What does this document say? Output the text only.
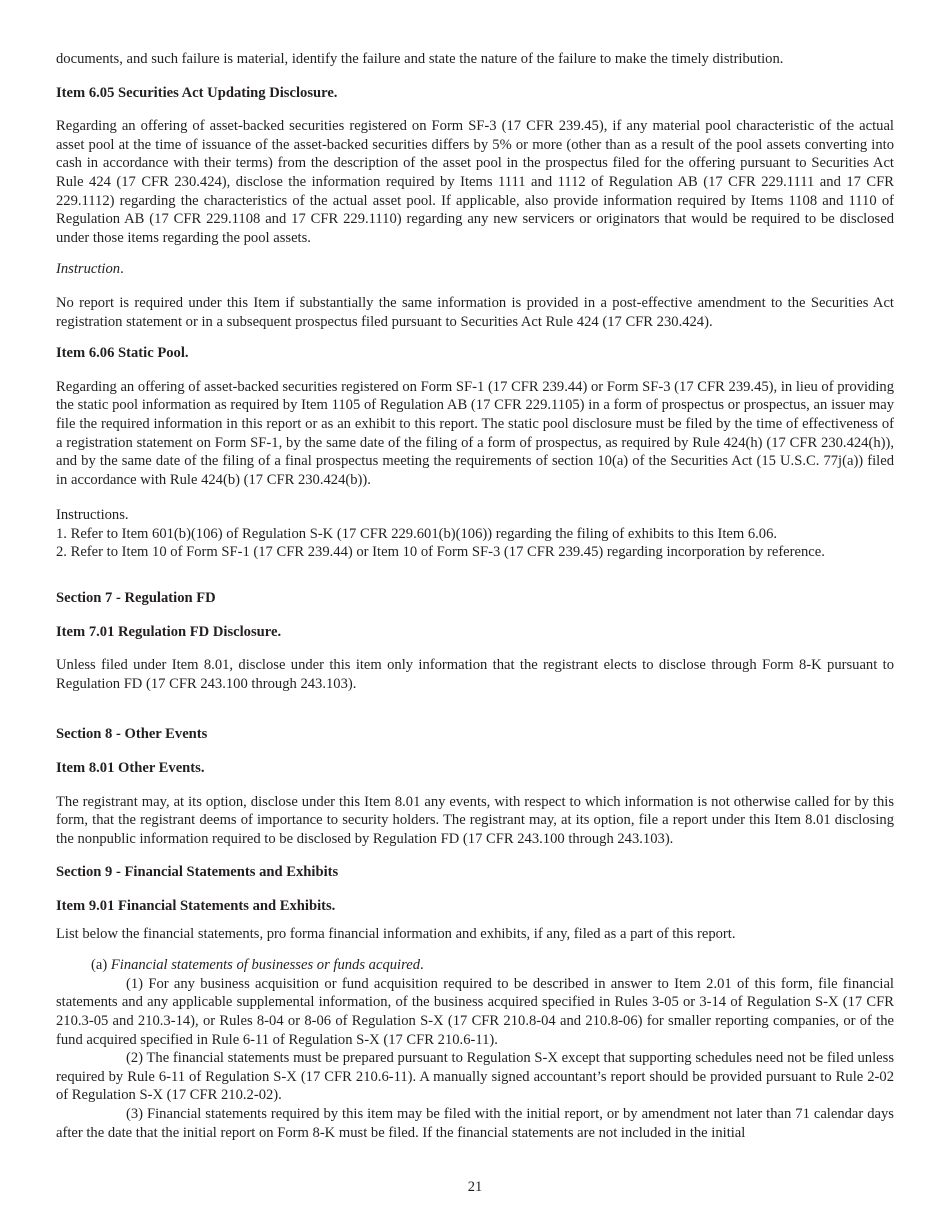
documents, and such failure is material, identify the failure and state the nature of the failure to make the timely distribution.

Item 6.05 Securities Act Updating Disclosure.

Regarding an offering of asset-backed securities registered on Form SF-3 (17 CFR 239.45), if any material pool characteristic of the actual asset pool at the time of issuance of the asset-backed securities differs by 5% or more (other than as a result of the pool assets converting into cash in accordance with their terms) from the description of the asset pool in the prospectus filed for the offering pursuant to Securities Act Rule 424 (17 CFR 230.424), disclose the information required by Items 1111 and 1112 of Regulation AB (17 CFR 229.1111 and 17 CFR 229.1112) regarding the characteristics of the actual asset pool. If applicable, also provide information required by Items 1108 and 1110 of Regulation AB (17 CFR 229.1108 and 17 CFR 229.1110) regarding any new servicers or originators that would be required to be disclosed under those items regarding the pool assets.

Instruction.

No report is required under this Item if substantially the same information is provided in a post-effective amendment to the Securities Act registration statement or in a subsequent prospectus filed pursuant to Securities Act Rule 424 (17 CFR 230.424).

Item 6.06 Static Pool.

Regarding an offering of asset-backed securities registered on Form SF-1 (17 CFR 239.44) or Form SF-3 (17 CFR 239.45), in lieu of providing the static pool information as required by Item 1105 of Regulation AB (17 CFR 229.1105) in a form of prospectus or prospectus, an issuer may file the required information in this report or as an exhibit to this report. The static pool disclosure must be filed by the time of effectiveness of a registration statement on Form SF-1, by the same date of the filing of a form of prospectus, as required by Rule 424(h) (17 CFR 230.424(h)), and by the same date of the filing of a final prospectus meeting the requirements of section 10(a) of the Securities Act (15 U.S.C. 77j(a)) filed in accordance with Rule 424(b) (17 CFR 230.424(b)).

Instructions.

1. Refer to Item 601(b)(106) of Regulation S-K (17 CFR 229.601(b)(106)) regarding the filing of exhibits to this Item 6.06.

2. Refer to Item 10 of Form SF-1 (17 CFR 239.44) or Item 10 of Form SF-3 (17 CFR 239.45) regarding incorporation by reference.

Section 7 - Regulation FD

Item 7.01 Regulation FD Disclosure.

Unless filed under Item 8.01, disclose under this item only information that the registrant elects to disclose through Form 8-K pursuant to Regulation FD (17 CFR 243.100 through 243.103).

Section 8 - Other Events

Item 8.01 Other Events.

The registrant may, at its option, disclose under this Item 8.01 any events, with respect to which information is not otherwise called for by this form, that the registrant deems of importance to security holders. The registrant may, at its option, file a report under this Item 8.01 disclosing the nonpublic information required to be disclosed by Regulation FD (17 CFR 243.100 through 243.103).

Section 9 - Financial Statements and Exhibits

Item 9.01 Financial Statements and Exhibits.

List below the financial statements, pro forma financial information and exhibits, if any, filed as a part of this report.

(a) Financial statements of businesses or funds acquired.

(1) For any business acquisition or fund acquisition required to be described in answer to Item 2.01 of this form, file financial statements and any applicable supplemental information, of the business acquired specified in Rules 3-05 or 3-14 of Regulation S-X (17 CFR 210.3-05 and 210.3-14), or Rules 8-04 or 8-06 of Regulation S-X (17 CFR 210.8-04 and 210.8-06) for smaller reporting companies, or of the fund acquired specified in Rule 6-11 of Regulation S-X (17 CFR 210.6-11).

(2) The financial statements must be prepared pursuant to Regulation S-X except that supporting schedules need not be filed unless required by Rule 6-11 of Regulation S-X (17 CFR 210.6-11). A manually signed accountant’s report should be provided pursuant to Rule 2-02 of Regulation S-X (17 CFR 210.2-02).

(3) Financial statements required by this item may be filed with the initial report, or by amendment not later than 71 calendar days after the date that the initial report on Form 8-K must be filed. If the financial statements are not included in the initial

21
